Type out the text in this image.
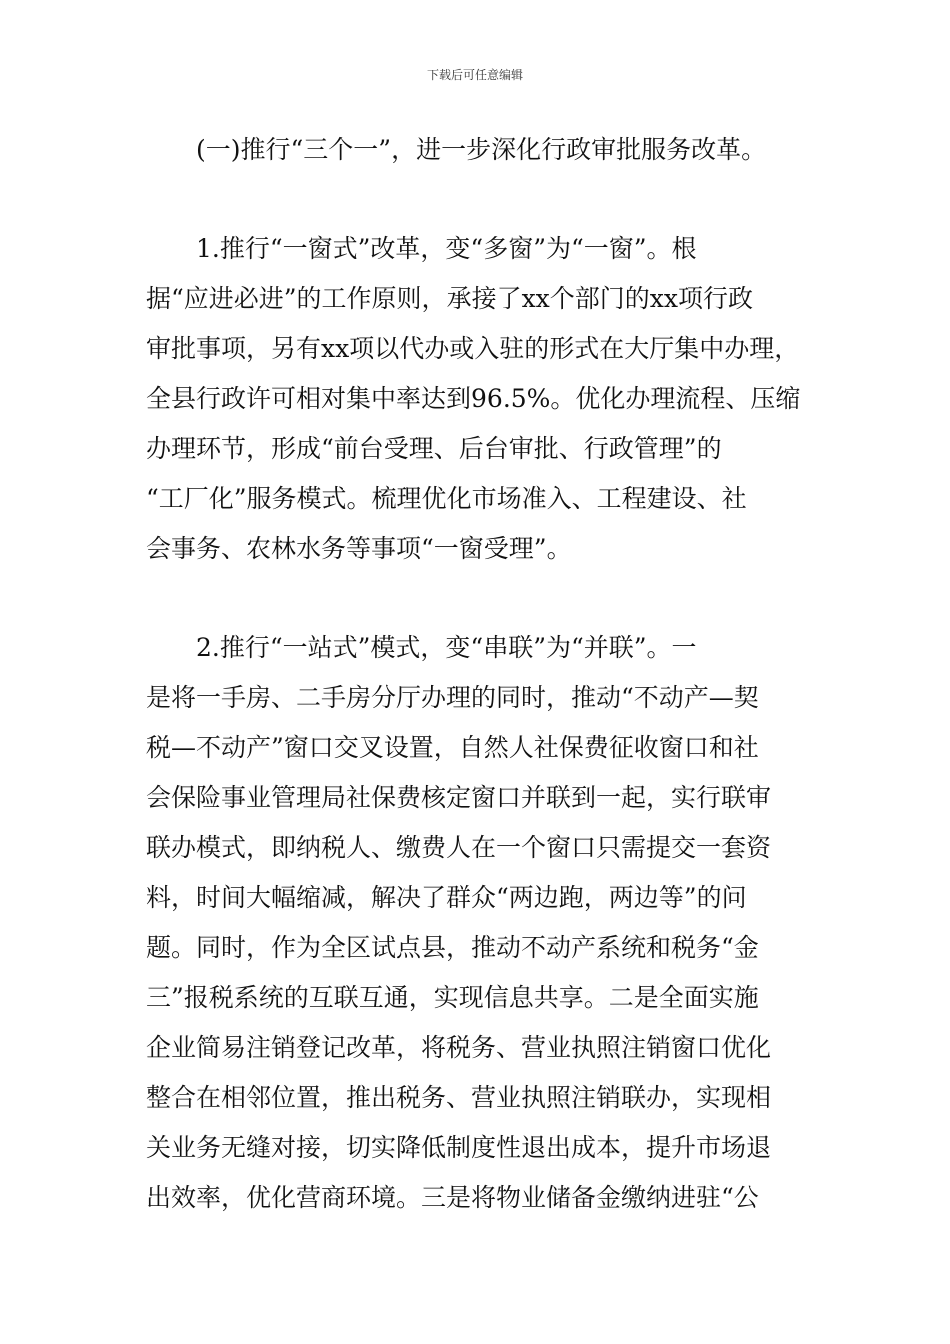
下载后可任意编辑
(一)推行“三个一”，进一步深化行政审批服务改革。
1.推行“一窗式”改革，变“多窗”为“一窗”。根
据“应进必进”的工作原则，承接了xx个部门的xx项行政
审批事项，另有xx项以代办或入驻的形式在大厅集中办理，
全县行政许可相对集中率达到96.5%。优化办理流程、压缩
办理环节，形成“前台受理、后台审批、行政管理”的
“工厂化”服务模式。梳理优化市场准入、工程建设、社
会事务、农林水务等事项“一窗受理”。
2.推行“一站式”模式，变“串联”为“并联”。一
是将一手房、二手房分厅办理的同时，推动“不动产—契
税—不动产”窗口交叉设置，自然人社保费征收窗口和社
会保险事业管理局社保费核定窗口并联到一起，实行联审
联办模式，即纳税人、缴费人在一个窗口只需提交一套资
料，时间大幅缩减，解决了群众“两边跑，两边等”的问
题。同时，作为全区试点县，推动不动产系统和税务“金
三”报税系统的互联互通，实现信息共享。二是全面实施
企业简易注销登记改革，将税务、营业执照注销窗口优化
整合在相邻位置，推出税务、营业执照注销联办，实现相
关业务无缝对接，切实降低制度性退出成本，提升市场退
出效率，优化营商环境。三是将物业储备金缴纳进驻“公
